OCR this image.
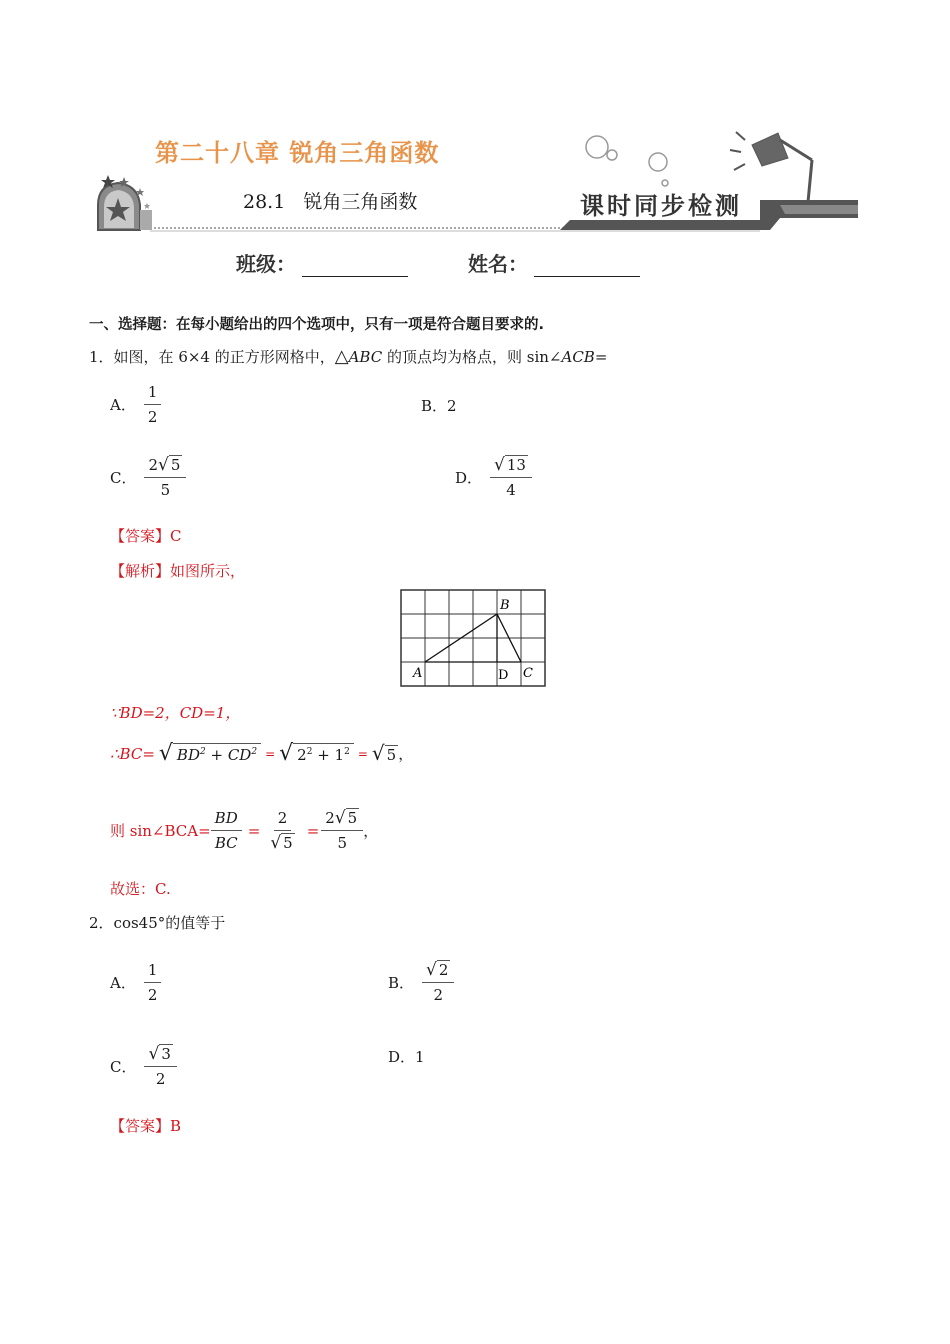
第二十八章 锐角三角函数
28.1 锐角三角函数	课时同步检测
班级：	姓名：
一、选择题：在每小题给出的四个选项中，只有一项是符合题目要求的.
1．如图，在 6×4 的正方形网格中，△ABC 的顶点均为格点，则 sin∠ACB=
A． $\frac{1}{2}$	B．2
C． $\frac{2√ 5}{5}$	D． $\frac{√ 13}{4}$
【答案】C
【解析】如图所示，
A
B
C
D
∵BD=2，CD=1，
∴BC= √ $BD^2 + CD^2$ = √ $2^2 + 1^2$ = √ 5 ，
则 sin∠BCA= $\frac{BD}{BC} = \frac{2}{√ 5} = \frac{2√ 5}{5}$ ，
故选：C.
2．cos45°的值等于
A． $\frac{1}{2}$	B． $\frac{√ 2}{2}$
C． $\frac{√ 3}{2}$	D．1
【答案】B
